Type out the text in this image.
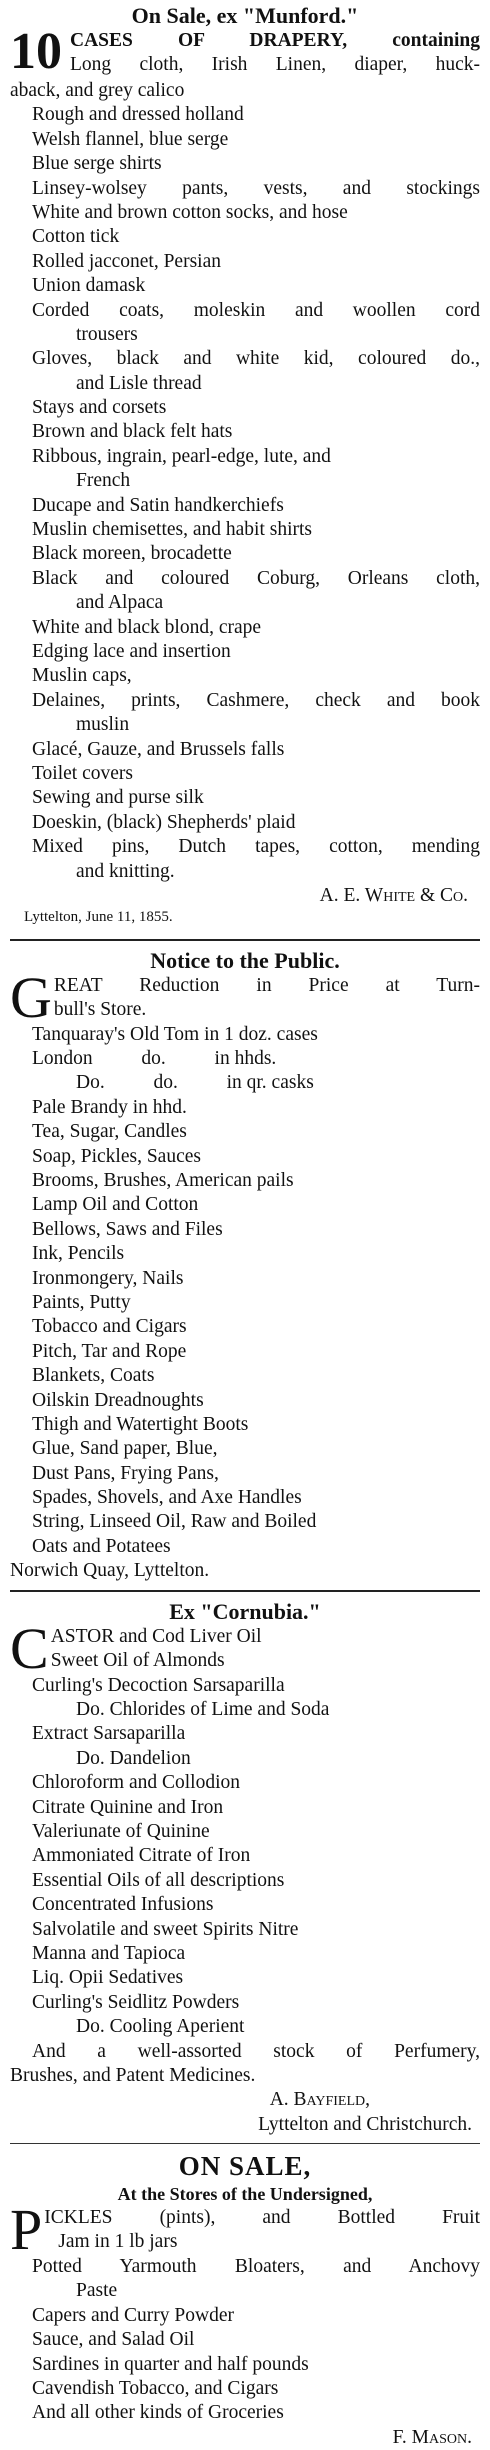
On Sale, ex "Munford."
10 CASES OF DRAPERY, containing
Long cloth, Irish Linen, diaper, huck-
aback, and grey calico
Rough and dressed holland
Welsh flannel, blue serge
Blue serge shirts
Linsey-wolsey pants, vests, and stockings
White and brown cotton socks, and hose
Cotton tick
Rolled jacconet, Persian
Union damask
Corded coats, moleskin and woollen cord
trousers
Gloves, black and white kid, coloured do.,
and Lisle thread
Stays and corsets
Brown and black felt hats
Ribbous, ingrain, pearl-edge, lute, and
French
Ducape and Satin handkerchiefs
Muslin chemisettes, and habit shirts
Black moreen, brocadette
Black and coloured Coburg, Orleans cloth,
and Alpaca
White and black blond, crape
Edging lace and insertion
Muslin caps,
Delaines, prints, Cashmere, check and book
muslin
Glacé, Gauze, and Brussels falls
Toilet covers
Sewing and purse silk
Doeskin, (black) Shepherds' plaid
Mixed pins, Dutch tapes, cotton, mending
and knitting.
A. E. White & Co.
Lyttelton, June 11, 1855.
Notice to the Public.
G REAT Reduction in Price at Turn-
bull's Store.
Tanquaray's Old Tom in 1 doz. cases
London          do.          in hhds.
Do.          do.          in qr. casks
Pale Brandy in hhd.
Tea, Sugar, Candles
Soap, Pickles, Sauces
Brooms, Brushes, American pails
Lamp Oil and Cotton
Bellows, Saws and Files
Ink, Pencils
Ironmongery, Nails
Paints, Putty
Tobacco and Cigars
Pitch, Tar and Rope
Blankets, Coats
Oilskin Dreadnoughts
Thigh and Watertight Boots
Glue, Sand paper, Blue,
Dust Pans, Frying Pans,
Spades, Shovels, and Axe Handles
String, Linseed Oil, Raw and Boiled
Oats and Potatees
Norwich Quay, Lyttelton.
Ex "Cornubia."
C ASTOR and Cod Liver Oil
Sweet Oil of Almonds
Curling's Decoction Sarsaparilla
Do. Chlorides of Lime and Soda
Extract Sarsaparilla
Do. Dandelion
Chloroform and Collodion
Citrate Quinine and Iron
Valeriunate of Quinine
Ammoniated Citrate of Iron
Essential Oils of all descriptions
Concentrated Infusions
Salvolatile and sweet Spirits Nitre
Manna and Tapioca
Liq. Opii Sedatives
Curling's Seidlitz Powders
Do. Cooling Aperient
And a well-assorted stock of Perfumery,
Brushes, and Patent Medicines.
A. Bayfield,
Lyttelton and Christchurch.
ON SALE,
At the Stores of the Undersigned,
P ICKLES (pints), and Bottled Fruit
Jam in 1 lb jars
Potted Yarmouth Bloaters, and Anchovy
Paste
Capers and Curry Powder
Sauce, and Salad Oil
Sardines in quarter and half pounds
Cavendish Tobacco, and Cigars
And all other kinds of Groceries
F. Mason.
